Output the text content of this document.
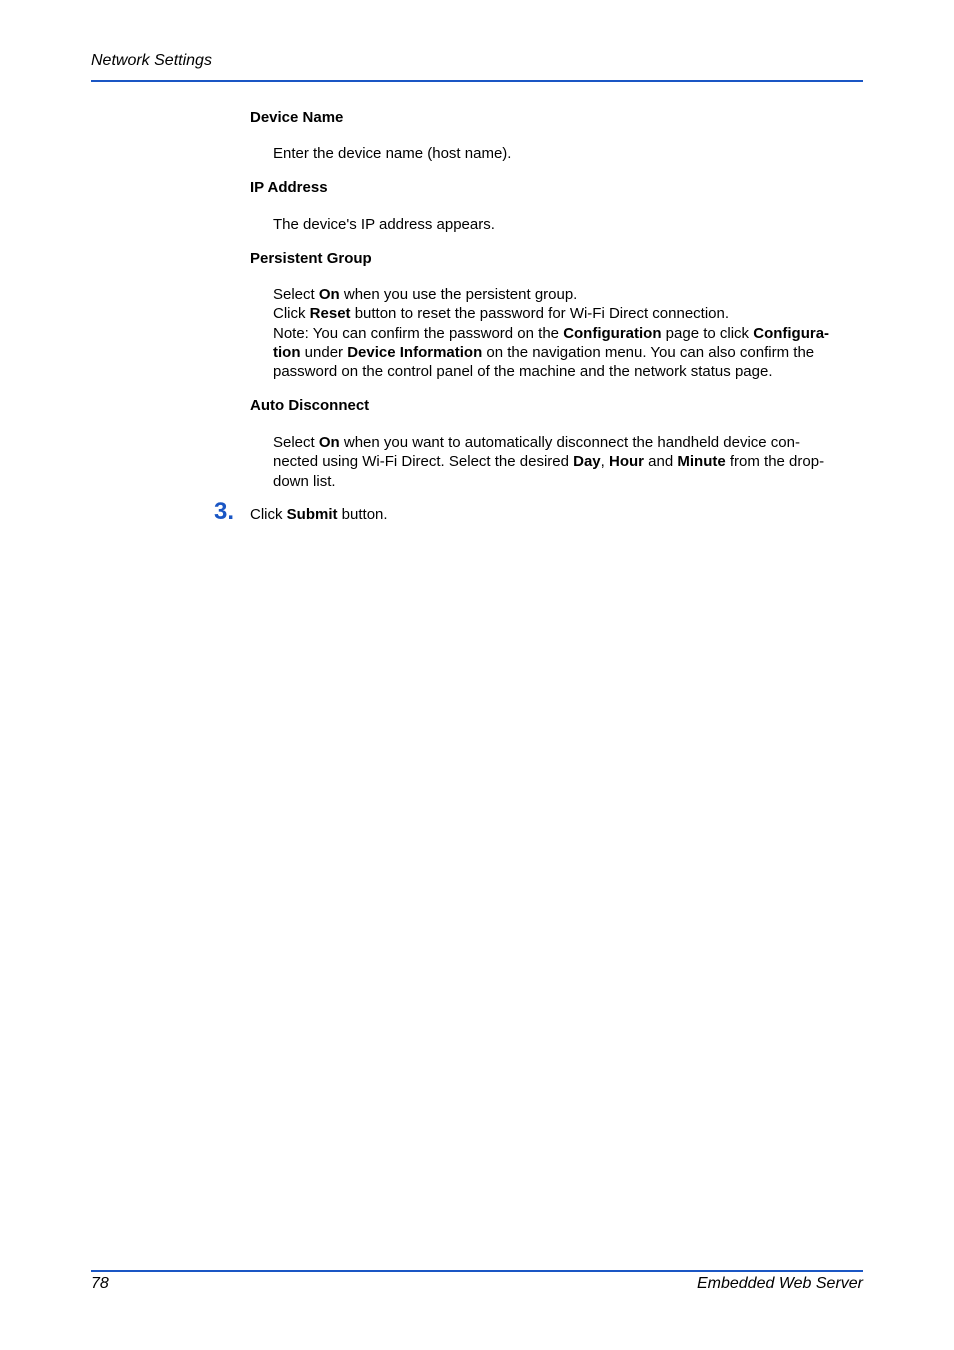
Network Settings
Device Name
Enter the device name (host name).
IP Address
The device's IP address appears.
Persistent Group
Select On when you use the persistent group.
Click Reset button to reset the password for Wi-Fi Direct connection.
Note: You can confirm the password on the Configuration page to click Configura-
tion under Device Information on the navigation menu. You can also confirm the
password on the control panel of the machine and the network status page.
Auto Disconnect
Select On when you want to automatically disconnect the handheld device con-
nected using Wi-Fi Direct. Select the desired Day, Hour and Minute from the drop-
down list.
3. Click Submit button.
78	Embedded Web Server
